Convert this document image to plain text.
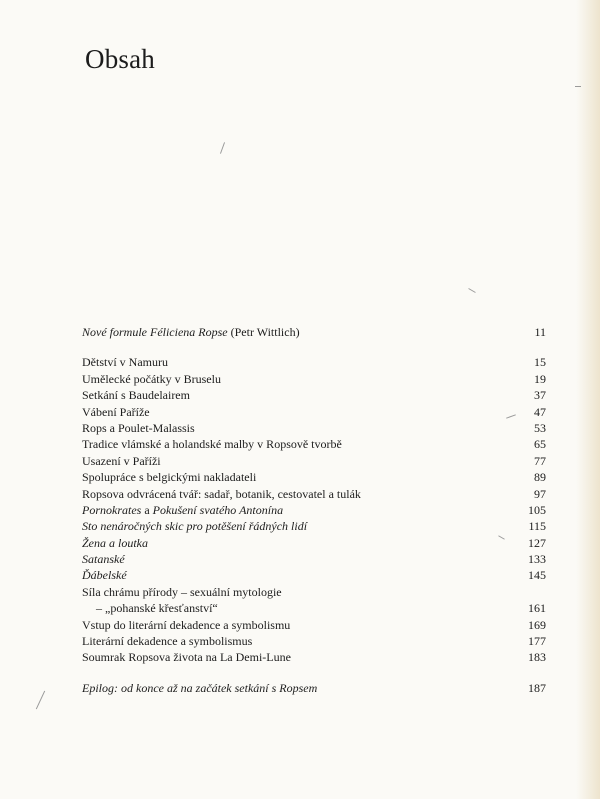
Obsah
Nové formule Féliciena Ropse (Petr Wittlich)	11
Dětství v Namuru	15
Umělecké počátky v Bruselu	19
Setkání s Baudelairem	37
Vábení Paříže	47
Rops a Poulet-Malassis	53
Tradice vlámské a holandské malby v Ropsově tvorbě	65
Usazení v Paříži	77
Spolupráce s belgickými nakladateli	89
Ropsova odvrácená tvář: sadař, botanik, cestovatel a tulák	97
Pornokrates a Pokušení svatého Antonína	105
Sto nenáročných skic pro potěšení řádných lidí	115
Žena a loutka	127
Satanské	133
Ďábelské	145
Síla chrámu přírody – sexuální mytologie
– „pohanské křesťanství“	161
Vstup do literární dekadence a symbolismu	169
Literární dekadence a symbolismus	177
Soumrak Ropsova života na La Demi-Lune	183
Epilog: od konce až na začátek setkání s Ropsem	187
